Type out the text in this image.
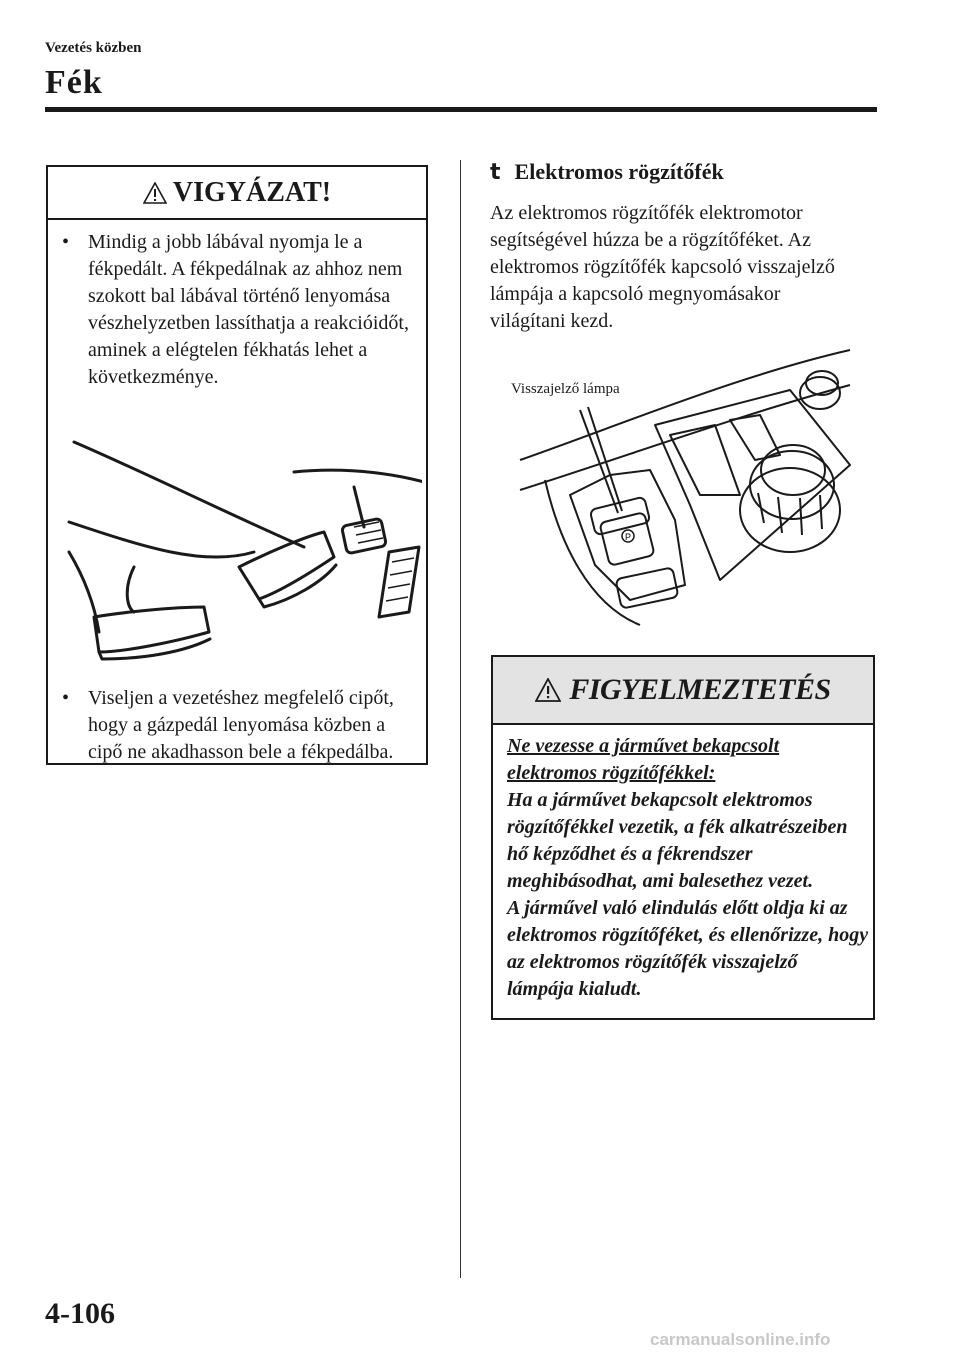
Vezetés közben
Fék
VIGYÁZAT!
• Mindig a jobb lábával nyomja le a fékpedált. A fékpedálnak az ahhoz nem szokott bal lábával történő lenyomása vészhelyzetben lassíthatja a reakcióidőt, aminek a elégtelen fékhatás lehet a következménye.
• Viseljen a vezetéshez megfelelő cipőt, hogy a gázpedál lenyomása közben a cipő ne akadhasson bele a fékpedálba.
t Elektromos rögzítőfék
Az elektromos rögzítőfék elektromotor segítségével húzza be a rögzítőféket. Az elektromos rögzítőfék kapcsoló visszajelző lámpája a kapcsoló megnyomásakor világítani kezd.
P
Visszajelző lámpa
FIGYELMEZTETÉS
Ne vezesse a járművet bekapcsolt elektromos rögzítőfékkel:
Ha a járművet bekapcsolt elektromos rögzítőfékkel vezetik, a fék alkatrészeiben hő képződhet és a fékrendszer meghibásodhat, ami balesethez vezet.
A járművel való elindulás előtt oldja ki az elektromos rögzítőféket, és ellenőrizze, hogy az elektromos rögzítőfék visszajelző lámpája kialudt.
4-106
carmanualsonline.info
